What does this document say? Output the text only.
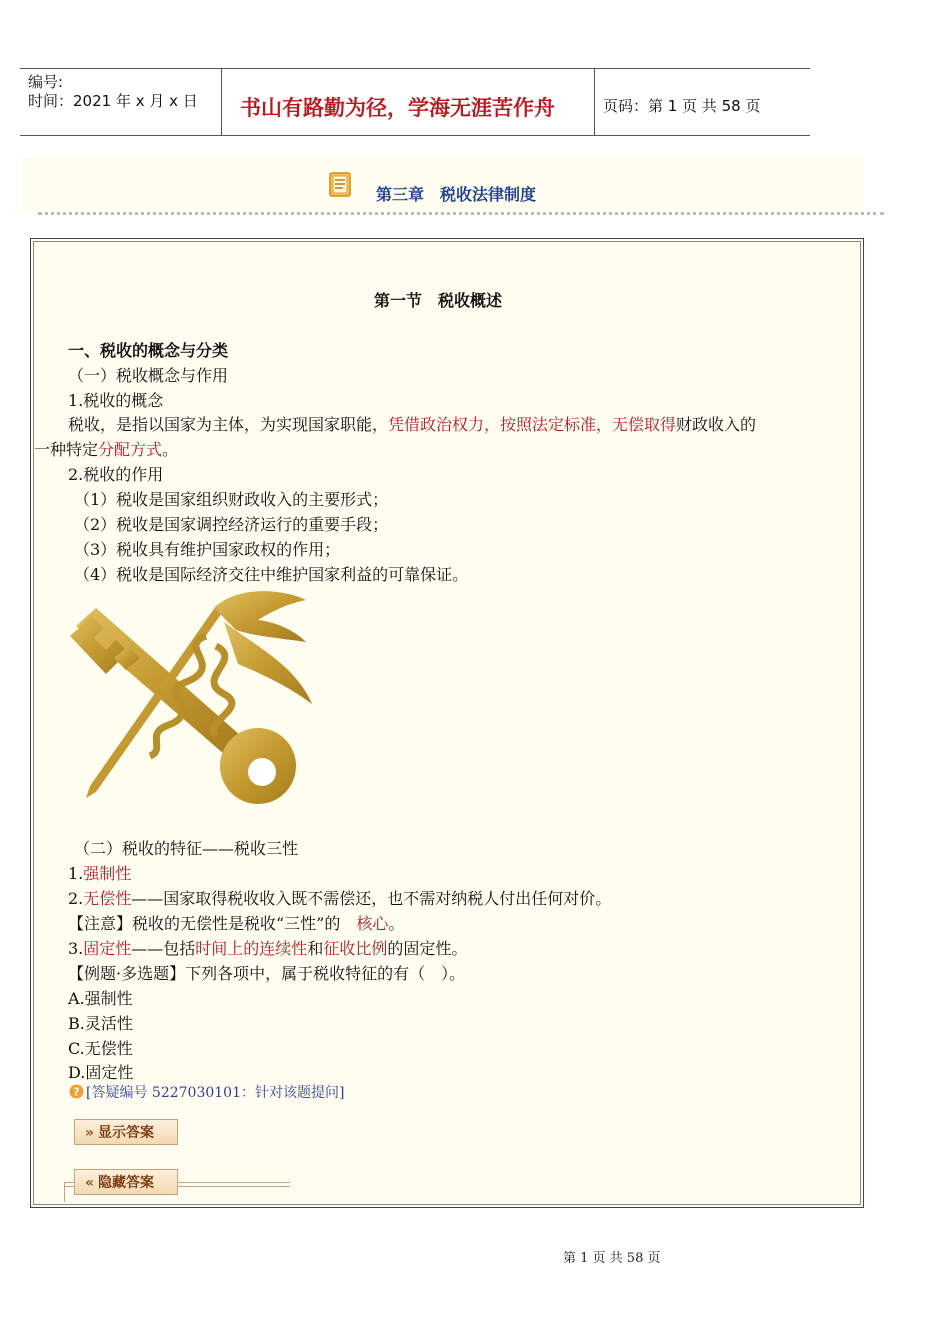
编号:
时间：2021 年 x 月 x 日 书山有路勤为径，学海无涯苦作舟	页码：第 1 页 共 58 页
第三章　税收法律制度
第一节　税收概述
一、税收的概念与分类
（一）税收概念与作用
1.税收的概念
税收，是指以国家为主体，为实现国家职能，凭借政治权力，按照法定标准，无偿取得财政收入的
一种特定分配方式。
2.税收的作用
（1）税收是国家组织财政收入的主要形式；
（2）税收是国家调控经济运行的重要手段；
（3）税收具有维护国家政权的作用；
（4）税收是国际经济交往中维护国家利益的可靠保证。
（二）税收的特征——税收三性
1.强制性
2.无偿性——国家取得税收收入既不需偿还，也不需对纳税人付出任何对价。
【注意】税收的无偿性是税收“三性”的　核心。
3.固定性——包括时间上的连续性和征收比例的固定性。
【例题·多选题】下列各项中，属于税收特征的有（　）。
A.强制性
B.灵活性
C.无偿性
D.固定性
? [答疑编号 5227030101：针对该题提问]
» 显示答案
« 隐藏答案
第 1 页 共 58 页
